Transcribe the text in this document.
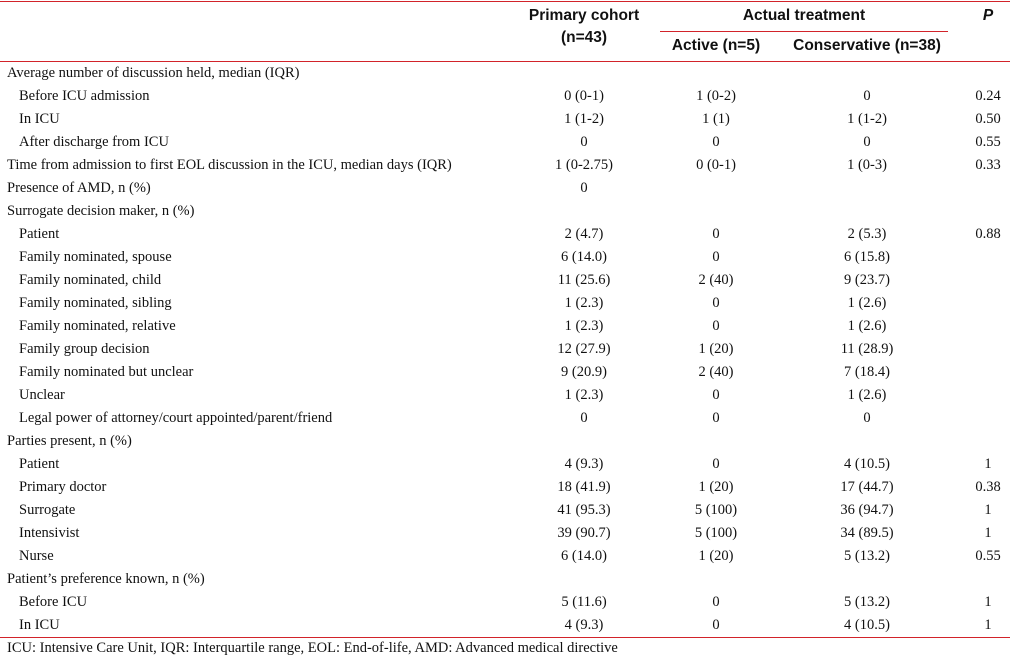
Primary cohort
(n=43)
Actual treatment
Active (n=5)	Conservative (n=38)
P
Average number of discussion held, median (IQR)
Before ICU admission	0 (0-1)	1 (0-2)	0	0.24
In ICU	1 (1-2)	1 (1)	1 (1-2)	0.50
After discharge from ICU	0	0	0	0.55
Time from admission to first EOL discussion in the ICU, median days (IQR)	1 (0-2.75)	0 (0-1)	1 (0-3)	0.33
Presence of AMD, n (%)	0
Surrogate decision maker, n (%)
Patient	2 (4.7)	0	2 (5.3)	0.88
Family nominated, spouse	6 (14.0)	0	6 (15.8)
Family nominated, child	11 (25.6)	2 (40)	9 (23.7)
Family nominated, sibling	1 (2.3)	0	1 (2.6)
Family nominated, relative	1 (2.3)	0	1 (2.6)
Family group decision	12 (27.9)	1 (20)	11 (28.9)
Family nominated but unclear	9 (20.9)	2 (40)	7 (18.4)
Unclear	1 (2.3)	0	1 (2.6)
Legal power of attorney/court appointed/parent/friend	0	0	0
Parties present, n (%)
Patient	4 (9.3)	0	4 (10.5)	1
Primary doctor	18 (41.9)	1 (20)	17 (44.7)	0.38
Surrogate	41 (95.3)	5 (100)	36 (94.7)	1
Intensivist	39 (90.7)	5 (100)	34 (89.5)	1
Nurse	6 (14.0)	1 (20)	5 (13.2)	0.55
Patient’s preference known, n (%)
Before ICU	5 (11.6)	0	5 (13.2)	1
In ICU	4 (9.3)	0	4 (10.5)	1
ICU: Intensive Care Unit, IQR: Interquartile range, EOL: End-of-life, AMD: Advanced medical directive
